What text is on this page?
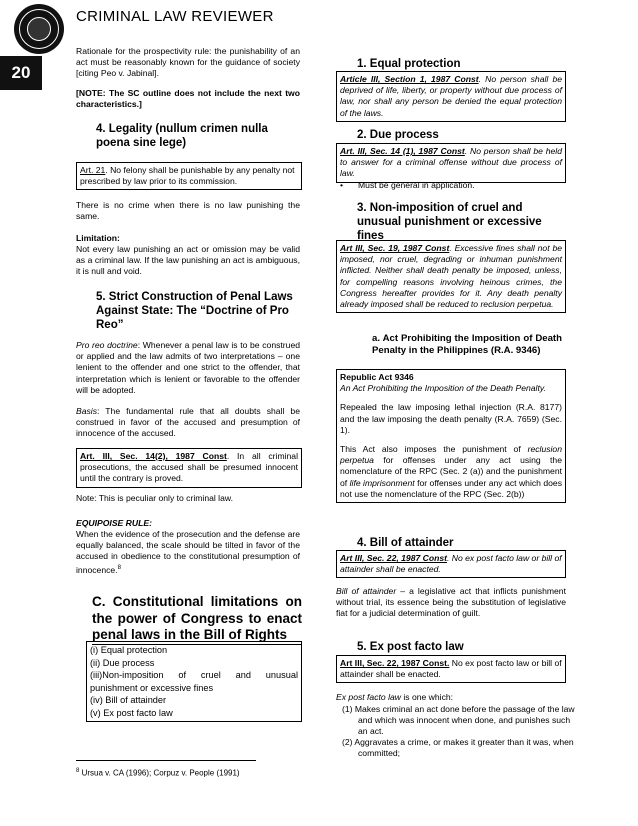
CRIMINAL LAW REVIEWER
20
Rationale for the prospectivity rule: the punishability of an act must be reasonably known for the guidance of society [citing Peo v. Jabinal].
[NOTE: The SC outline does not include the next two characteristics.]
4. Legality (nullum crimen nulla poena sine lege)
Art. 21. No felony shall be punishable by any penalty not prescribed by law prior to its commission.
There is no crime when there is no law punishing the same.
Limitation:
Not every law punishing an act or omission may be valid as a criminal law. If the law punishing an act is ambiguous, it is null and void.
5. Strict Construction of Penal Laws Against State: The “Doctrine of Pro Reo”
Pro reo doctrine: Whenever a penal law is to be construed or applied and the law admits of two interpretations – one lenient to the offender and one strict to the offender, that interpretation which is lenient or favorable to the offender will be adopted.
Basis: The fundamental rule that all doubts shall be construed in favor of the accused and presumption of innocence of the accused.
Art. III, Sec. 14(2), 1987 Const. In all criminal prosecutions, the accused shall be presumed innocent until the contrary is proved.
Note: This is peculiar only to criminal law.
EQUIPOISE RULE:
When the evidence of the prosecution and the defense are equally balanced, the scale should be tilted in favor of the accused in obedience to the constitutional presumption of innocence.$^8$
C. Constitutional limitations on the power of Congress to enact penal laws in the Bill of Rights
(i) Equal protection
(ii) Due process
(iii)Non-imposition of cruel and unusual punishment or excessive fines
(iv) Bill of attainder
(v) Ex post facto law
1. Equal protection
Article III, Section 1, 1987 Const. No person shall be deprived of life, liberty, or property without due process of law, nor shall any person be denied the equal protection of the laws.
2. Due process
Art. III, Sec. 14 (1), 1987 Const. No person shall be held to answer for a criminal offense without due process of law.
• Must be general in application.
3. Non-imposition of cruel and unusual punishment or excessive fines
Art III, Sec. 19, 1987 Const. Excessive fines shall not be imposed, nor cruel, degrading or inhuman punishment inflicted. Neither shall death penalty be imposed, unless, for compelling reasons involving heinous crimes, the Congress hereafter provides for it. Any death penalty already imposed shall be reduced to reclusion perpetua.
a. Act Prohibiting the Imposition of Death Penalty in the Philippines (R.A. 9346)
Republic Act 9346
An Act Prohibiting the Imposition of the Death Penalty.
Repealed the law imposing lethal injection (R.A. 8177) and the law imposing the death penalty (R.A. 7659) (Sec. 1).
This Act also imposes the punishment of reclusion perpetua for offenses under any act using the nomenclature of the RPC (Sec. 2 (a)) and the punishment of life imprisonment for offenses under any act which does not use the nomenclature of the RPC (Sec. 2(b))
4. Bill of attainder
Art III, Sec. 22, 1987 Const. No ex post facto law or bill of attainder shall be enacted.
Bill of attainder – a legislative act that inflicts punishment without trial, its essence being the substitution of legislative fiat for a judicial determination of guilt.
5. Ex post facto law
Art III, Sec. 22, 1987 Const. No ex post facto law or bill of attainder shall be enacted.
Ex post facto law is one which:
(1) Makes criminal an act done before the passage of the law and which was innocent when done, and punishes such an act.
(2) Aggravates a crime, or makes it greater than it was, when committed;
$^8$ Ursua v. CA (1996); Corpuz v. People (1991)
